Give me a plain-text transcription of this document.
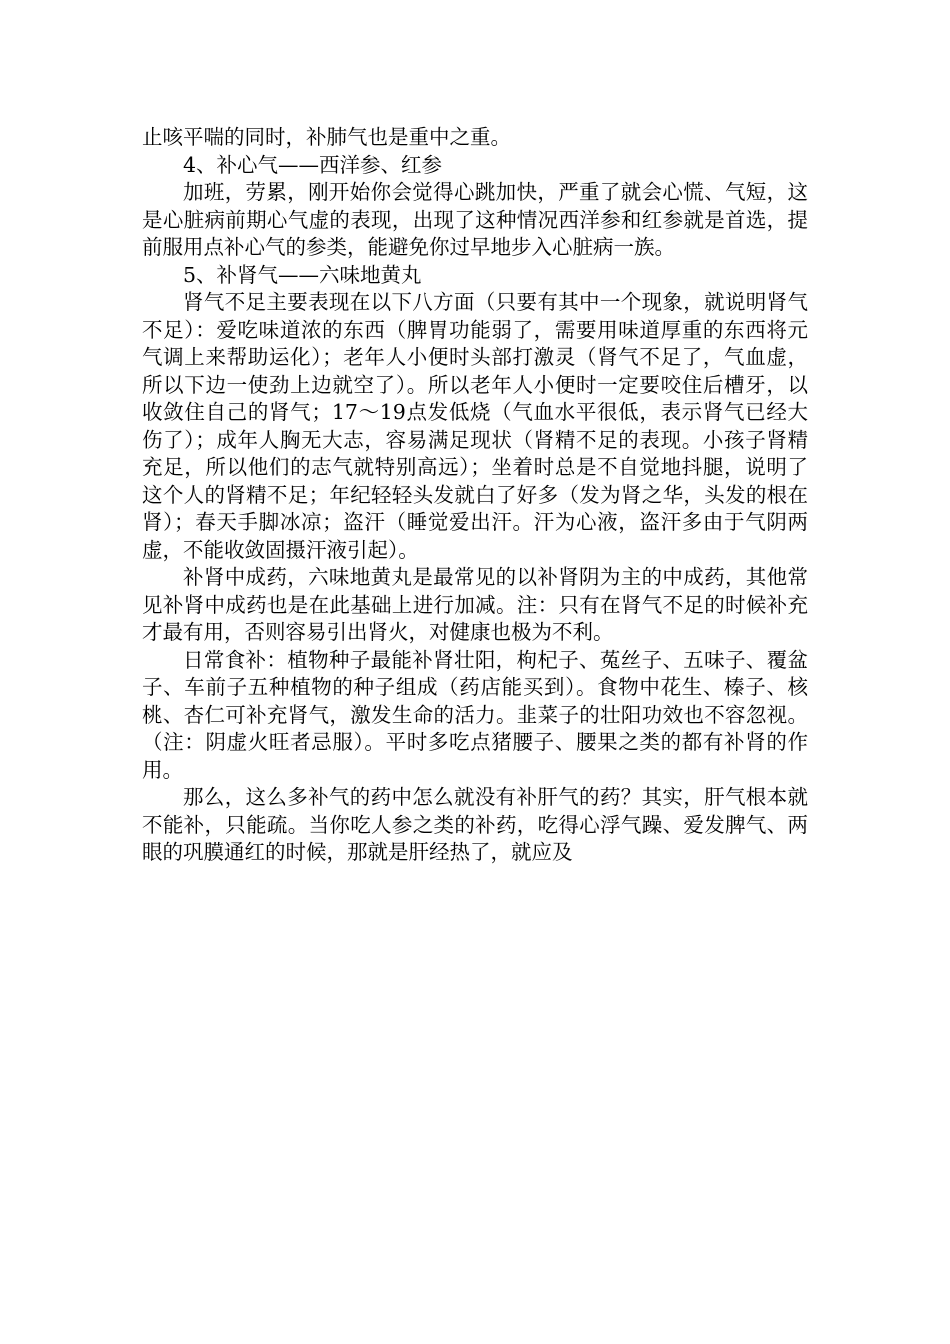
止咳平喘的同时，补肺气也是重中之重。

4、补心气——西洋参、红参

加班，劳累，刚开始你会觉得心跳加快，严重了就会心慌、气短，这是心脏病前期心气虚的表现，出现了这种情况西洋参和红参就是首选，提前服用点补心气的参类，能避免你过早地步入心脏病一族。

5、补肾气——六味地黄丸

肾气不足主要表现在以下八方面（只要有其中一个现象，就说明肾气不足）：爱吃味道浓的东西（脾胃功能弱了，需要用味道厚重的东西将元气调上来帮助运化）；老年人小便时头部打激灵（肾气不足了，气血虚，所以下边一使劲上边就空了）。所以老年人小便时一定要咬住后槽牙，以收敛住自己的肾气；17～19点发低烧（气血水平很低，表示肾气已经大伤了）；成年人胸无大志，容易满足现状（肾精不足的表现。小孩子肾精充足，所以他们的志气就特别高远）；坐着时总是不自觉地抖腿，说明了这个人的肾精不足；年纪轻轻头发就白了好多（发为肾之华，头发的根在肾）；春天手脚冰凉；盗汗（睡觉爱出汗。汗为心液，盗汗多由于气阴两虚，不能收敛固摄汗液引起）。

补肾中成药，六味地黄丸是最常见的以补肾阴为主的中成药，其他常见补肾中成药也是在此基础上进行加减。注：只有在肾气不足的时候补充才最有用，否则容易引出肾火，对健康也极为不利。

日常食补：植物种子最能补肾壮阳，枸杞子、菟丝子、五味子、覆盆子、车前子五种植物的种子组成（药店能买到）。食物中花生、榛子、核桃、杏仁可补充肾气，激发生命的活力。韭菜子的壮阳功效也不容忽视。（注：阴虚火旺者忌服）。平时多吃点猪腰子、腰果之类的都有补肾的作用。

那么，这么多补气的药中怎么就没有补肝气的药？其实，肝气根本就不能补，只能疏。当你吃人参之类的补药，吃得心浮气躁、爱发脾气、两眼的巩膜通红的时候，那就是肝经热了，就应及
